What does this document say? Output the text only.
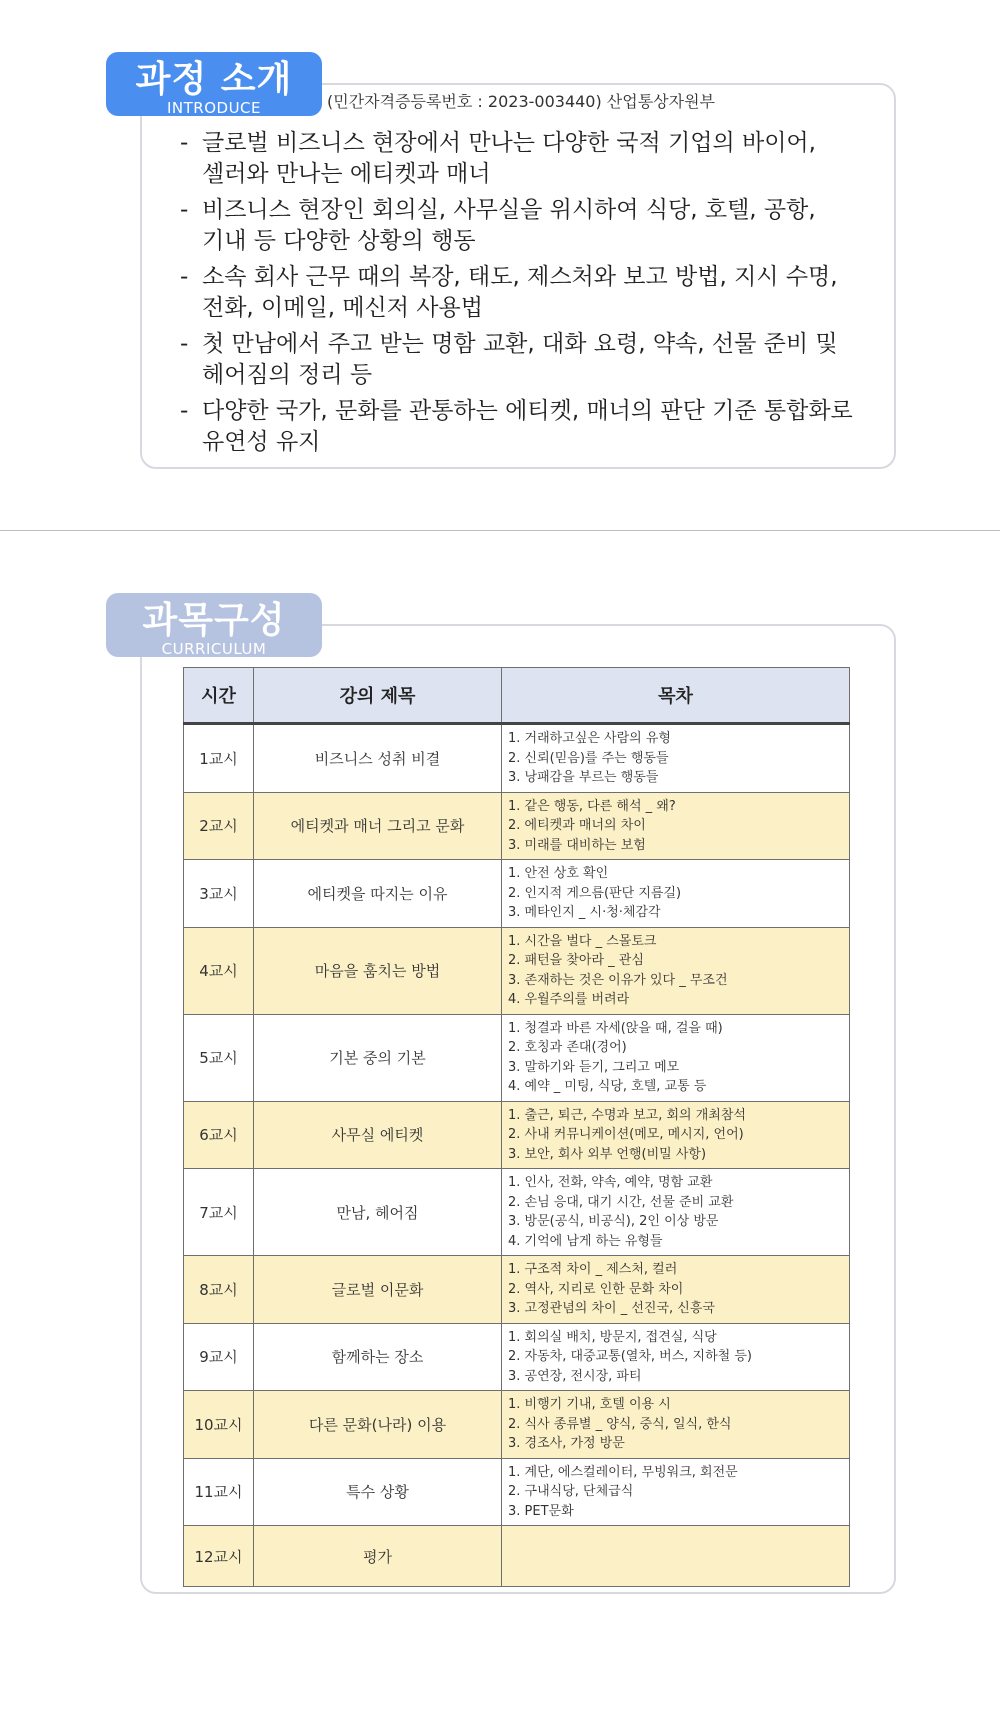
과정 소개
INTRODUCE	(민간자격증등록번호 : 2023-003440) 산업통상자원부
- 글로벌 비즈니스 현장에서 만나는 다양한 국적 기업의 바이어,
셀러와 만나는 에티켓과 매너
- 비즈니스 현장인 회의실, 사무실을 위시하여 식당, 호텔, 공항,
기내 등 다양한 상황의 행동
- 소속 회사 근무 때의 복장, 태도, 제스처와 보고 방법, 지시 수명,
전화, 이메일, 메신저 사용법
- 첫 만남에서 주고 받는 명함 교환, 대화 요령, 약속, 선물 준비 및
헤어짐의 정리 등
- 다양한 국가, 문화를 관통하는 에티켓, 매너의 판단 기준 통합화로
유연성 유지
과목구성
CURRICULUM
시간	강의 제목	목차
1교시	비즈니스 성취 비결	1. 거래하고싶은 사람의 유형
2. 신뢰(믿음)를 주는 행동들
3. 낭패감을 부르는 행동들

2교시	에티켓과 매너 그리고 문화	1. 같은 행동, 다른 해석 _ 왜?
2. 에티켓과 매너의 차이
3. 미래를 대비하는 보험

3교시	에티켓을 따지는 이유	1. 안전 상호 확인
2. 인지적 게으름(판단 지름길)
3. 메타인지 _ 시·청·체감각

4교시	마음을 훔치는 방법	1. 시간을 벌다 _ 스몰토크
2. 패턴을 찾아라 _ 관심
3. 존재하는 것은 이유가 있다 _ 무조건
4. 우월주의를 버려라

5교시	기본 중의 기본	1. 청결과 바른 자세(앉을 때, 걸을 때)
2. 호칭과 존대(경어)
3. 말하기와 듣기, 그리고 메모
4. 예약 _ 미팅, 식당, 호텔, 교통 등

6교시	사무실 에티켓	1. 출근, 퇴근, 수명과 보고, 회의 개최참석
2. 사내 커뮤니케이션(메모, 메시지, 언어)
3. 보안, 회사 외부 언행(비밀 사항)

7교시	만남, 헤어짐	1. 인사, 전화, 약속, 예약, 명함 교환
2. 손님 응대, 대기 시간, 선물 준비 교환
3. 방문(공식, 비공식), 2인 이상 방문
4. 기억에 남게 하는 유형들

8교시	글로벌 이문화	1. 구조적 차이 _ 제스처, 컬러
2. 역사, 지리로 인한 문화 차이
3. 고정관념의 차이 _ 선진국, 신흥국

9교시	함께하는 장소	1. 회의실 배치, 방문지, 접견실, 식당
2. 자동차, 대중교통(열차, 버스, 지하철 등)
3. 공연장, 전시장, 파티

10교시	다른 문화(나라) 이용	1. 비행기 기내, 호텔 이용 시
2. 식사 종류별 _ 양식, 중식, 일식, 한식
3. 경조사, 가정 방문

11교시	특수 상황	1. 계단, 에스컬레이터, 무빙워크, 회전문
2. 구내식당, 단체급식
3. PET문화

12교시	평가	
